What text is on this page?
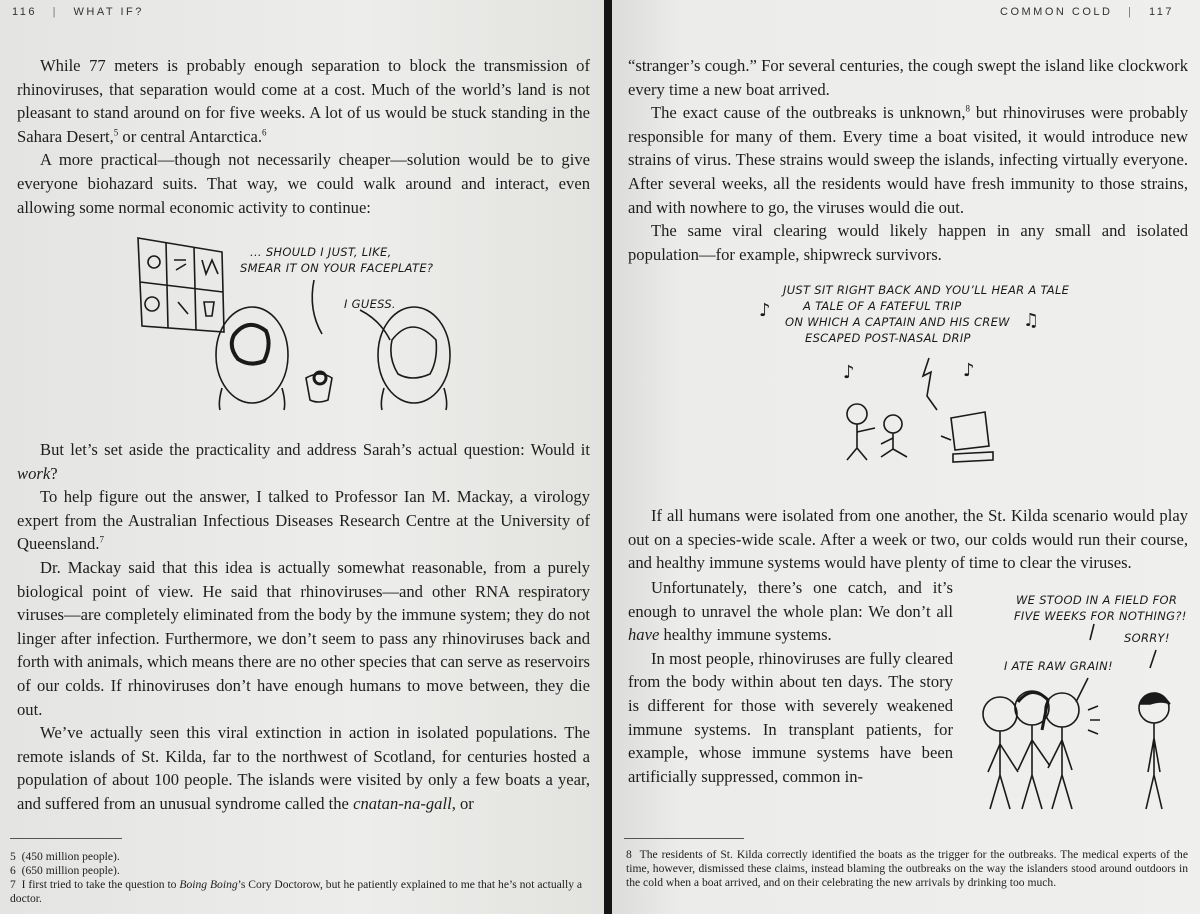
116 | WHAT IF?

While 77 meters is probably enough separation to block the transmission of rhinoviruses, that separation would come at a cost. Much of the world’s land is not pleasant to stand around on for five weeks. A lot of us would be stuck standing in the Sahara Desert,$^5$ or central Antarctica.$^6$

A more practical—though not necessarily cheaper—solution would be to give everyone biohazard suits. That way, we could walk around and interact, even allowing some normal economic activity to continue:

... SHOULD I JUST, LIKE,
SMEAR IT ON YOUR FACEPLATE?
I GUESS.

But let’s set aside the practicality and address Sarah’s actual question: Would it work?

To help figure out the answer, I talked to Professor Ian M. Mackay, a virology expert from the Australian Infectious Diseases Research Centre at the University of Queensland.$^7$

Dr. Mackay said that this idea is actually somewhat reasonable, from a purely biological point of view. He said that rhinoviruses—and other RNA respiratory viruses—are completely eliminated from the body by the immune system; they do not linger after infection. Furthermore, we don’t seem to pass any rhinoviruses back and forth with animals, which means there are no other species that can serve as reservoirs of our colds. If rhinoviruses don’t have enough humans to move between, they die out.

We’ve actually seen this viral extinction in action in isolated populations. The remote islands of St. Kilda, far to the northwest of Scotland, for centuries hosted a population of about 100 people. The islands were visited by only a few boats a year, and suffered from an unusual syndrome called the cnatan-na-gall, or

5 (450 million people).

6 (650 million people).

7 I first tried to take the question to Boing Boing’s Cory Doctorow, but he patiently explained to me that he’s not actually a doctor.

COMMON COLD | 117

“stranger’s cough.” For several centuries, the cough swept the island like clockwork every time a new boat arrived.

The exact cause of the outbreaks is unknown,$^8$ but rhinoviruses were probably responsible for many of them. Every time a boat visited, it would introduce new strains of virus. These strains would sweep the islands, infecting virtually everyone. After several weeks, all the residents would have fresh immunity to those strains, and with nowhere to go, the viruses would die out.

The same viral clearing would likely happen in any small and isolated population—for example, shipwreck survivors.

JUST SIT RIGHT BACK AND YOU’LL HEAR A TALE
A TALE OF A FATEFUL TRIP
ON WHICH A CAPTAIN AND HIS CREW
ESCAPED POST-NASAL DRIP
♪	♫
♪	♪

If all humans were isolated from one another, the St. Kilda scenario would play out on a species-wide scale. After a week or two, our colds would run their course, and healthy immune systems would have plenty of time to clear the viruses.

Unfortunately, there’s one catch, and it’s enough to unravel the whole plan: We don’t all have healthy immune systems.

In most people, rhinoviruses are fully cleared from the body within about ten days. The story is different for those with severely weakened immune systems. In transplant patients, for example, whose immune systems have been artificially suppressed, common in-

WE STOOD IN A FIELD FOR
FIVE WEEKS FOR NOTHING?!
SORRY!
I ATE RAW GRAIN!

8 The residents of St. Kilda correctly identified the boats as the trigger for the outbreaks. The medical experts of the time, however, dismissed these claims, instead blaming the outbreaks on the way the islanders stood around outdoors in the cold when a boat arrived, and on their celebrating the new arrivals by drinking too much.
